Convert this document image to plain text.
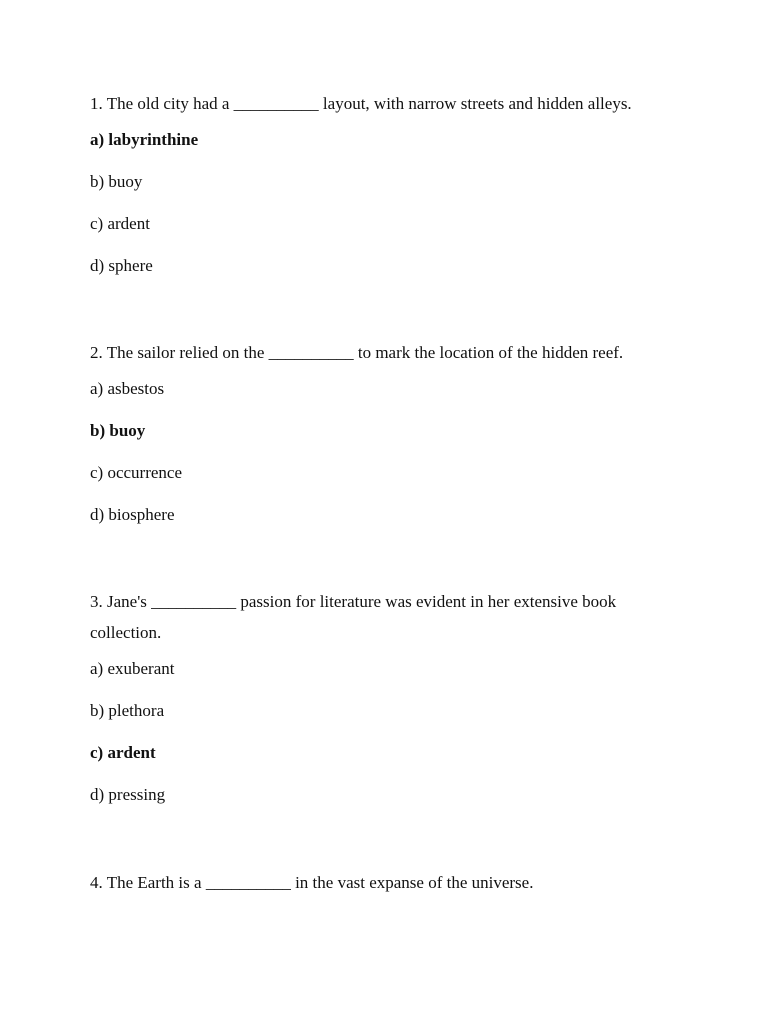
1. The old city had a __________ layout, with narrow streets and hidden alleys.

a) labyrinthine

b) buoy

c) ardent

d) sphere

2. The sailor relied on the __________ to mark the location of the hidden reef.

a) asbestos

b) buoy

c) occurrence

d) biosphere

3. Jane's __________ passion for literature was evident in her extensive book collection.

a) exuberant

b) plethora

c) ardent

d) pressing

4. The Earth is a __________ in the vast expanse of the universe.
